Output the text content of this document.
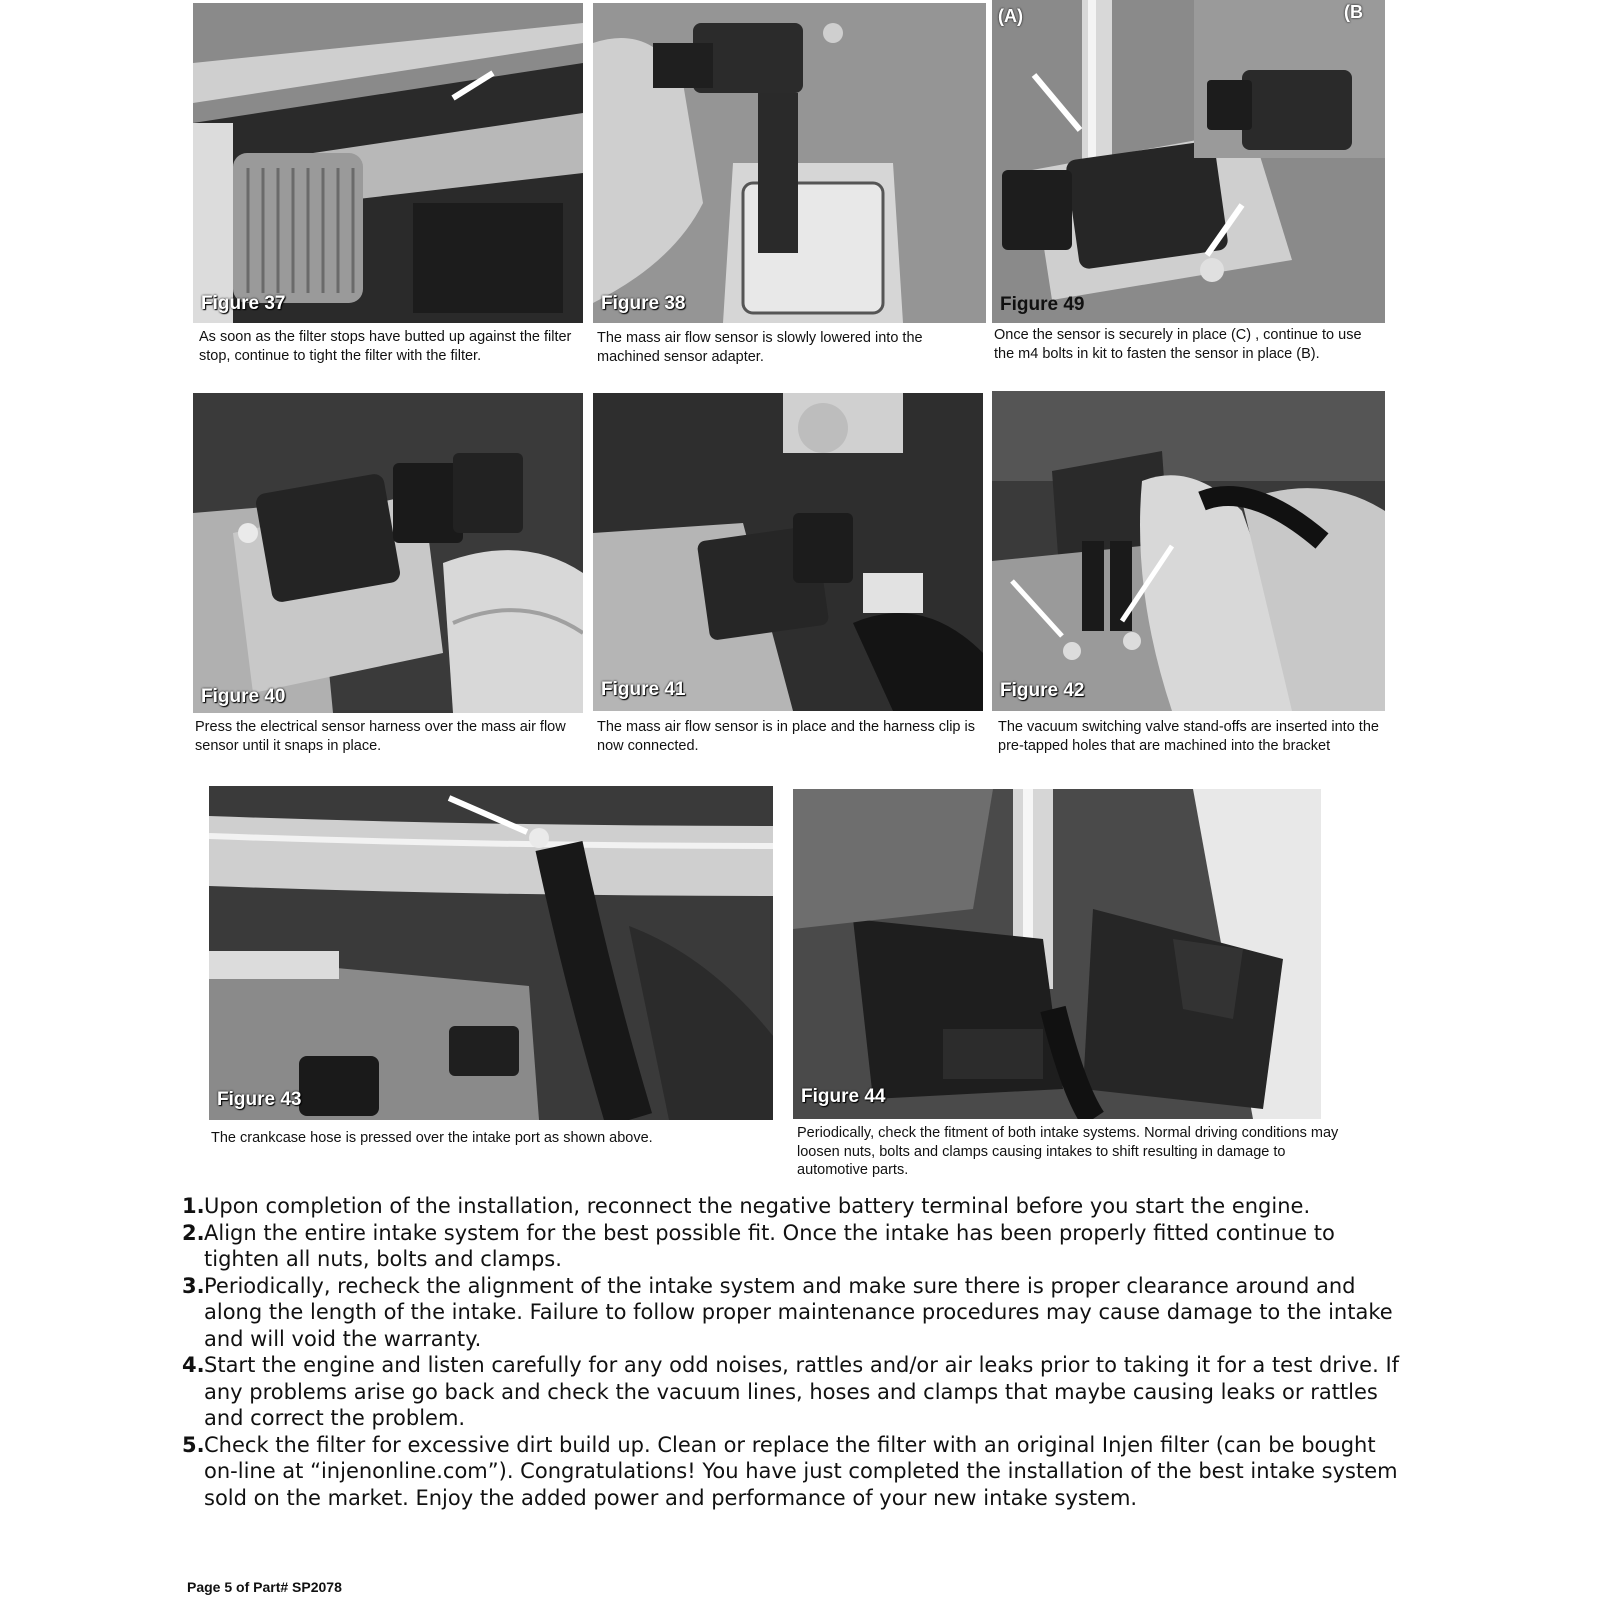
Figure 37
As soon as the filter stops have butted up against the filter stop, continue to tight the filter with the filter.
Figure 38
The mass air flow sensor is slowly lowered into the machined sensor adapter.
(A)	(B
Figure 49
Once the sensor is securely in place (C) , continue to use the m4 bolts in kit to fasten the sensor in place (B).
Figure 40
Press the electrical sensor harness over the mass air flow sensor until it snaps in place.
Figure 41
The mass air flow sensor is in place and the harness clip is now connected.
Figure 42
The vacuum switching valve stand-offs are inserted into the pre-tapped holes that are machined into the bracket
Figure 43
The crankcase hose is pressed over the intake port as shown above.
Figure 44
Periodically, check the fitment of both intake systems. Normal driving conditions may loosen nuts, bolts and clamps causing intakes to shift resulting in damage to automotive parts.
1. Upon completion of the installation, reconnect the negative battery terminal before you start the engine.
2. Align the entire intake system for the best possible fit. Once the intake has been properly fitted continue to tighten all nuts, bolts and clamps.
3. Periodically, recheck the alignment of the intake system and make sure there is proper clearance around and along the length of the intake. Failure to follow proper maintenance procedures may cause damage to the intake and will void the warranty.
4. Start the engine and listen carefully for any odd noises, rattles and/or air leaks prior to taking it for a test drive. If any problems arise go back and check the vacuum lines, hoses and clamps that maybe causing leaks or rattles and correct the problem.
5. Check the filter for excessive dirt build up. Clean or replace the filter with an original Injen filter (can be bought on-line at “injenonline.com”). Congratulations! You have just completed the installation of the best intake system sold on the market. Enjoy the added power and performance of your new intake system.
Page 5 of Part# SP2078
